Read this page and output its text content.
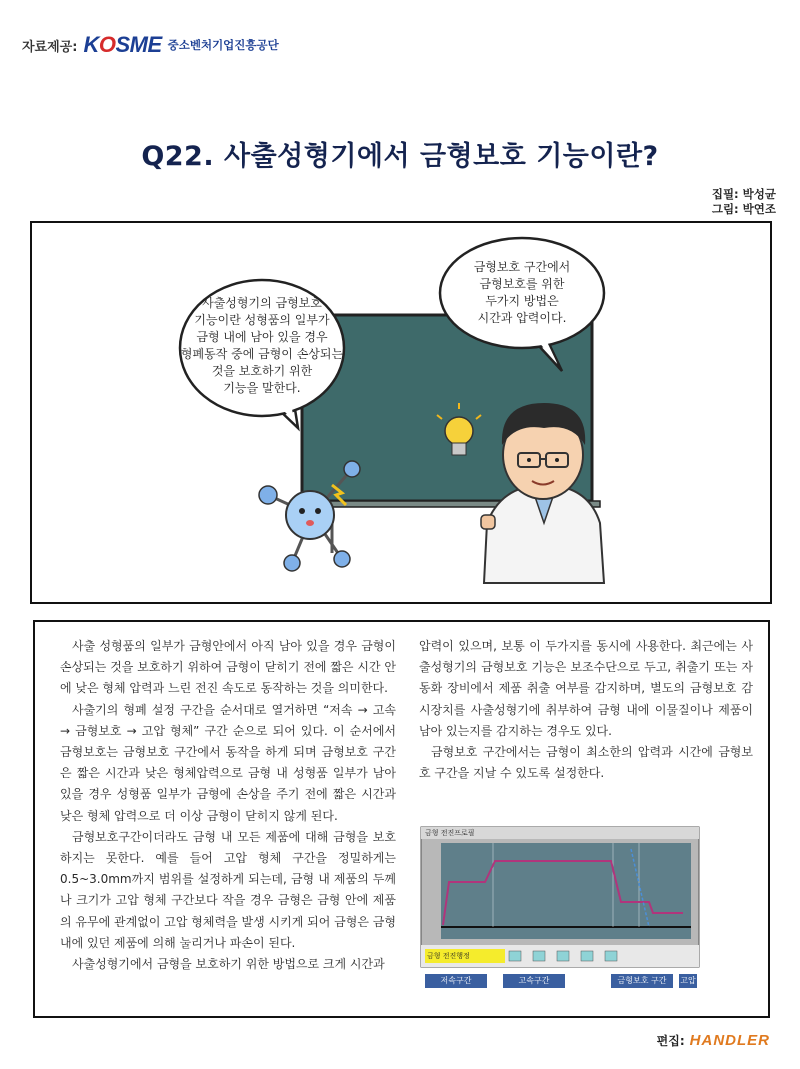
자료제공: KOSME 중소벤처기업진흥공단
Q22. 사출성형기에서 금형보호 기능이란?
집필: 박성균
그림: 박연조
사출성형기의 금형보호
기능이란 성형품의 일부가
금형 내에 남아 있을 경우
형폐동작 중에 금형이 손상되는
것을 보호하기 위한
기능을 말한다.
금형보호 구간에서
금형보호를 위한
두가지 방법은
시간과 압력이다.

사출 성형품의 일부가 금형안에서 아직 남아 있을 경우 금형이 손상되는 것을 보호하기 위하여 금형이 닫히기 전에 짧은 시간 안에 낮은 형체 압력과 느린 전진 속도로 동작하는 것을 의미한다.

사출기의 형폐 설정 구간을 순서대로 열거하면 “저속 → 고속 → 금형보호 → 고압 형체” 구간 순으로 되어 있다. 이 순서에서 금형보호는 금형보호 구간에서 동작을 하게 되며 금형보호 구간은 짧은 시간과 낮은 형체압력으로 금형 내 성형품 일부가 남아 있을 경우 성형품 일부가 금형에 손상을 주기 전에 짧은 시간과 낮은 형체 압력으로 더 이상 금형이 닫히지 않게 된다.

금형보호구간이더라도 금형 내 모든 제품에 대해 금형을 보호하지는 못한다. 예를 들어 고압 형체 구간을 정밀하게는 0.5~3.0mm까지 범위를 설정하게 되는데, 금형 내 제품의 두께나 크기가 고압 형체 구간보다 작을 경우 금형은 금형 안에 제품의 유무에 관계없이 고압 형체력을 발생 시키게 되어 금형은 금형 내에 있던 제품에 의해 눌리거나 파손이 된다.

사출성형기에서 금형을 보호하기 위한 방법으로 크게 시간과

압력이 있으며, 보통 이 두가지를 동시에 사용한다. 최근에는 사출성형기의 금형보호 기능은 보조수단으로 두고, 취출기 또는 자동화 장비에서 제품 취출 여부를 감지하며, 별도의 금형보호 감시장치를 사출성형기에 취부하여 금형 내에 이물질이나 제품이 남아 있는지를 감지하는 경우도 있다.

금형보호 구간에서는 금형이 최소한의 압력과 시간에 금형보호 구간을 지날 수 있도록 설정한다.

금형 전진프로필
금형 전진행정
저속구간	고속구간	금형보호 구간	고압형체
편집: HANDLER
